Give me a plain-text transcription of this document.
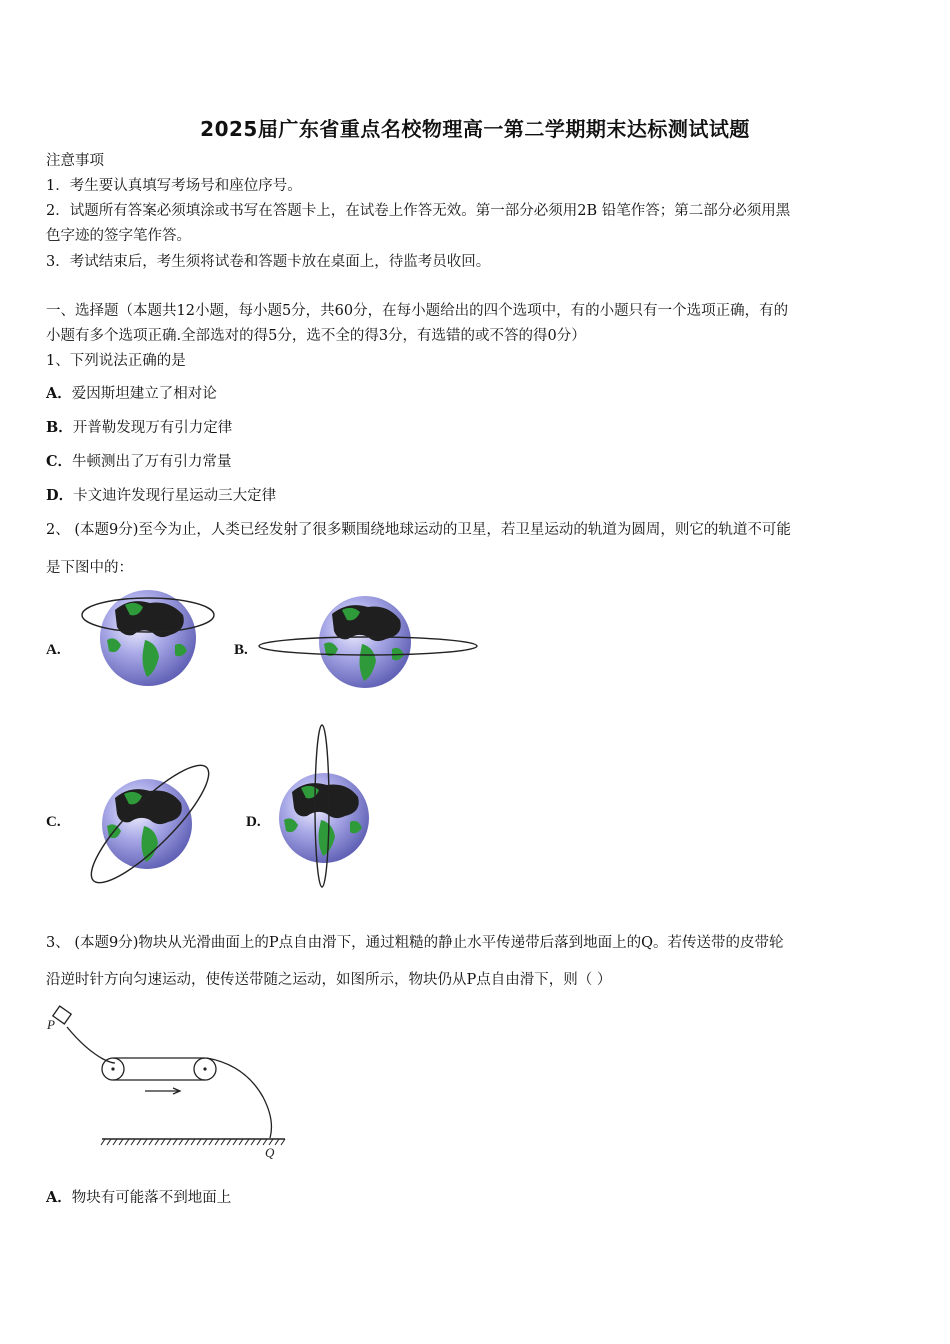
2025届广东省重点名校物理高一第二学期期末达标测试试题
注意事项
1．考生要认真填写考场号和座位序号。
2．试题所有答案必须填涂或书写在答题卡上，在试卷上作答无效。第一部分必须用2B 铅笔作答；第二部分必须用黑
色字迹的签字笔作答。
3．考试结束后，考生须将试卷和答题卡放在桌面上，待监考员收回。
一、选择题（本题共12小题，每小题5分，共60分，在每小题给出的四个选项中，有的小题只有一个选项正确，有的
小题有多个选项正确.全部选对的得5分，选不全的得3分，有选错的或不答的得0分）
1、下列说法正确的是
A．爱因斯坦建立了相对论
B．开普勒发现万有引力定律
C．牛顿测出了万有引力常量
D．卡文迪许发现行星运动三大定律
2、 (本题9分)至今为止，人类已经发射了很多颗围绕地球运动的卫星，若卫星运动的轨道为圆周，则它的轨道不可能
是下图中的：
A.	B.
C.	D.
3、 (本题9分)物块从光滑曲面上的P点自由滑下，通过粗糙的静止水平传递带后落到地面上的Q。若传送带的皮带轮
沿逆时针方向匀速运动，使传送带随之运动，如图所示，物块仍从P点自由滑下，则（ ）
P
Q
A．物块有可能落不到地面上
